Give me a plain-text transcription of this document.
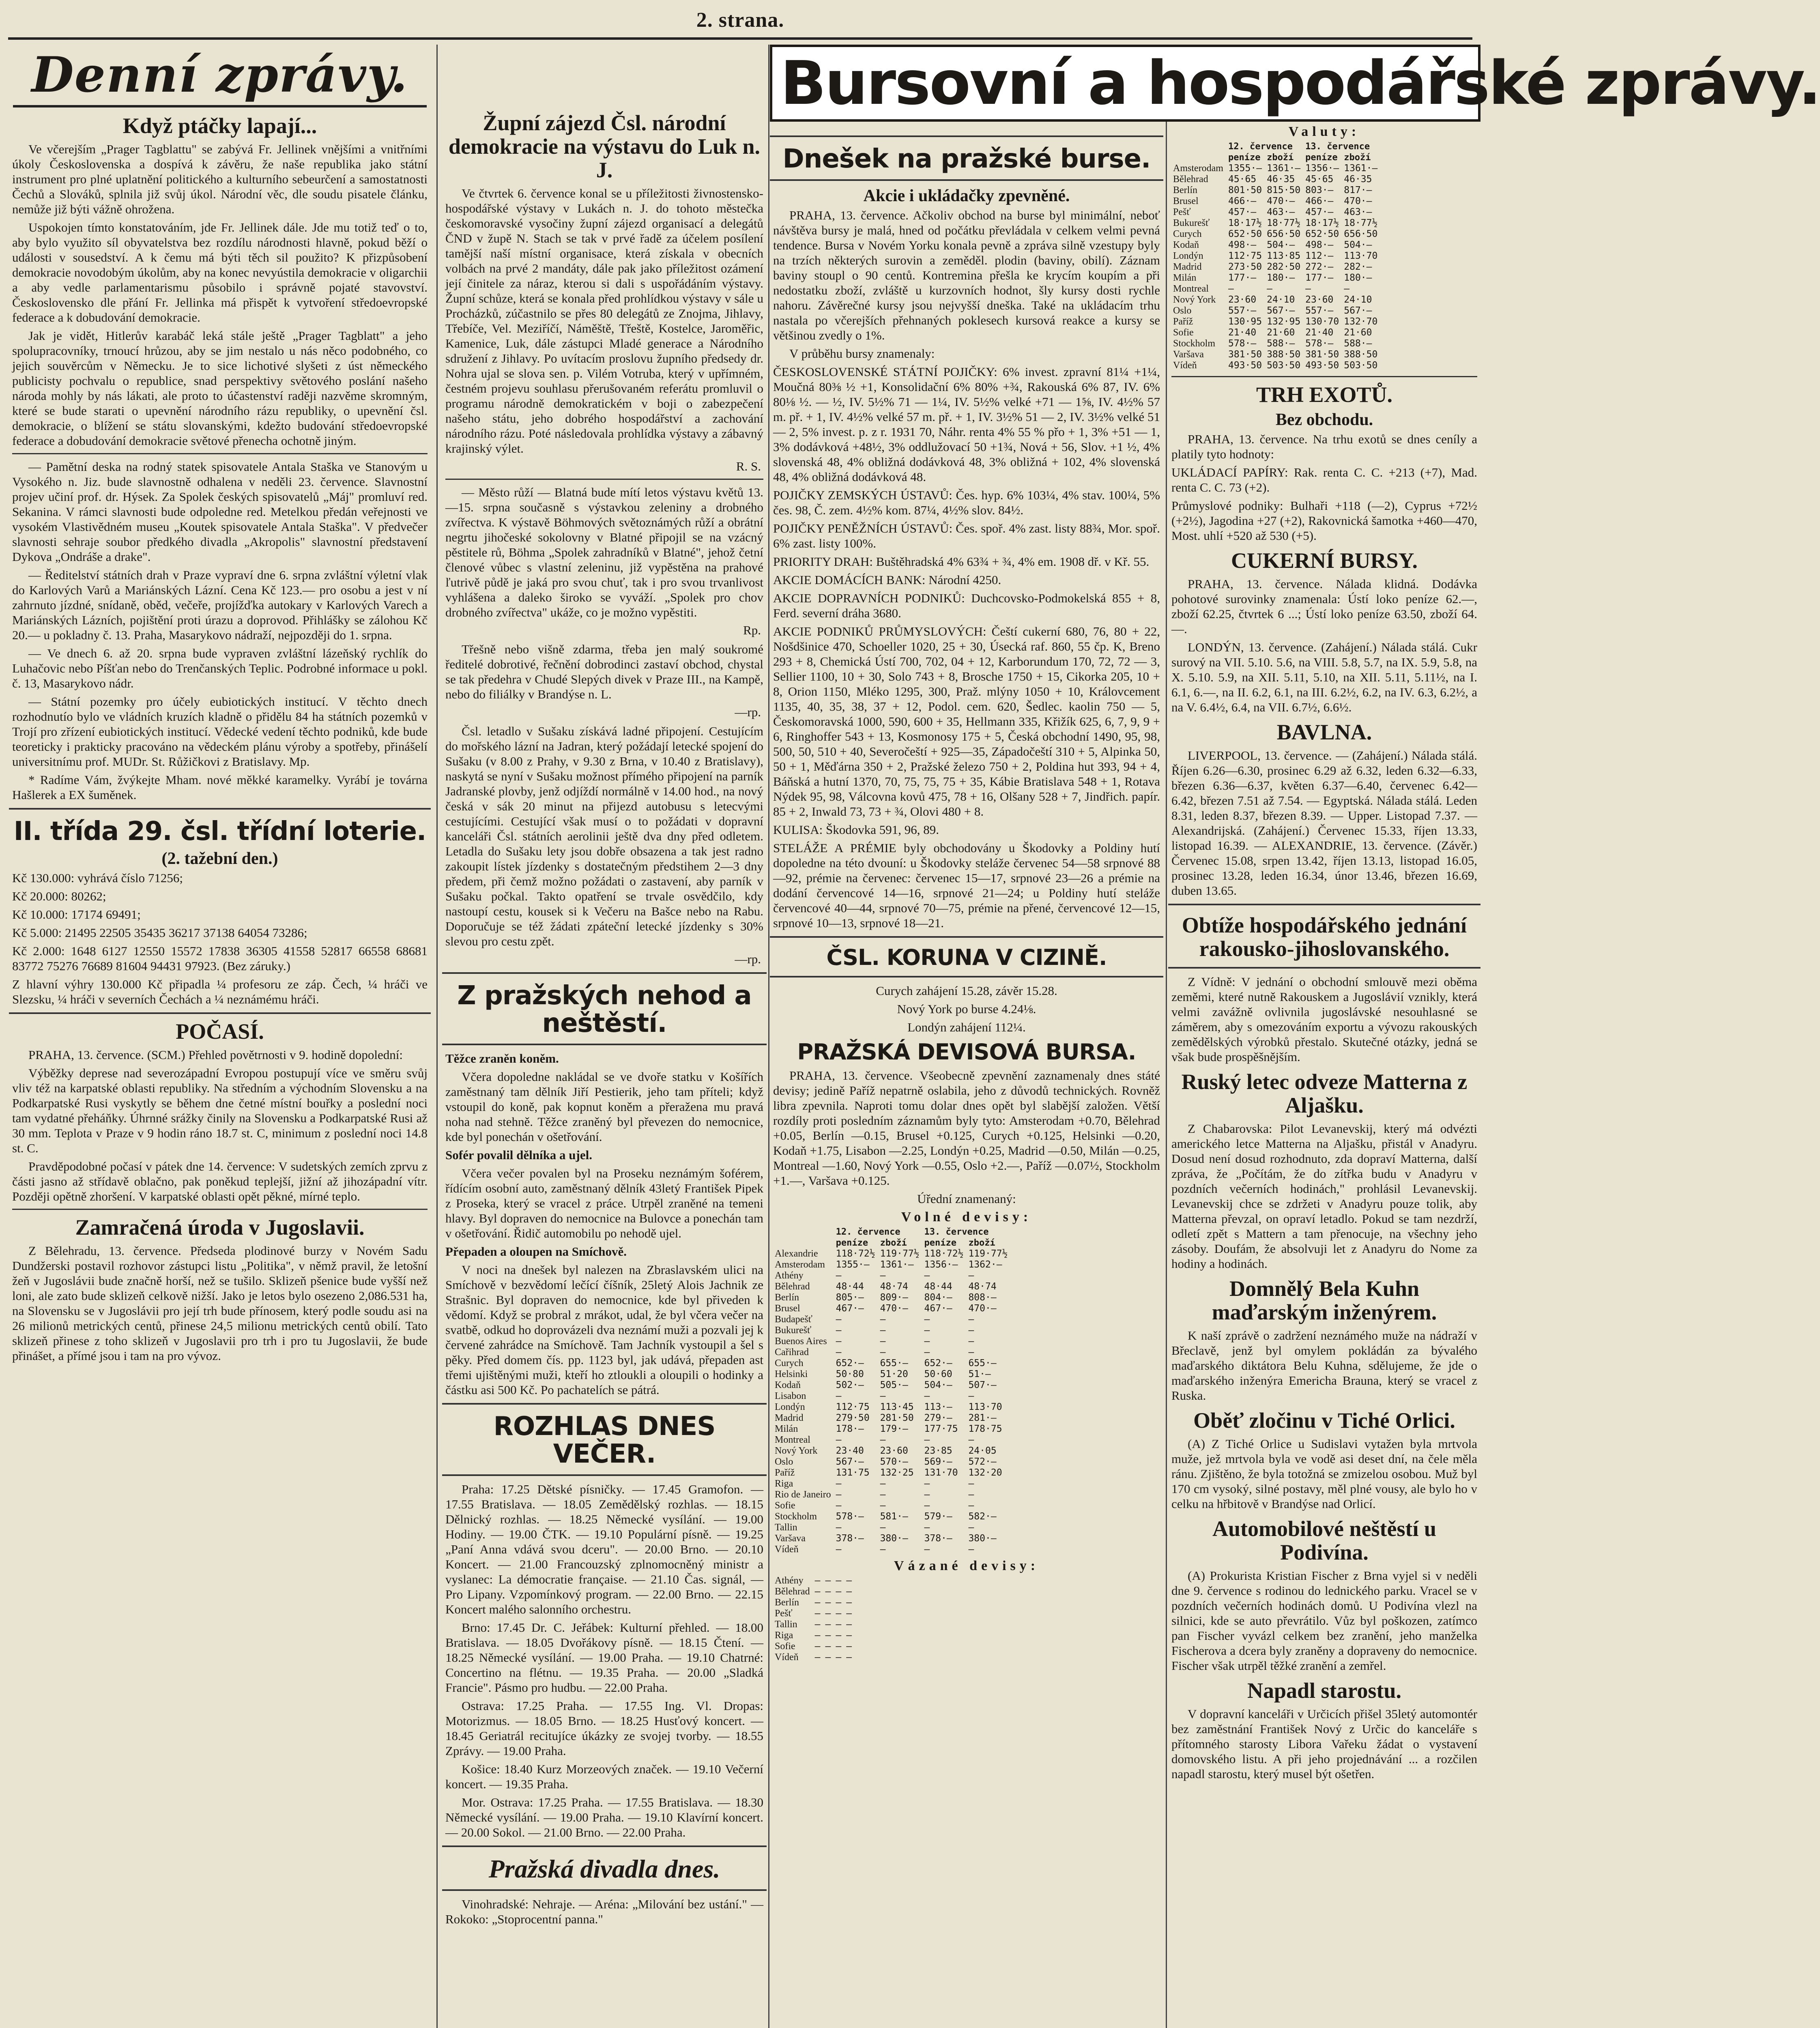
2. strana.
Denní zprávy.
Když ptáčky lapají...

Ve včerejším „Prager Tagblattu" se zabývá Fr. Jellinek vnějšími a vnitřními úkoly Československa a dospívá k závěru, že naše republika jako státní instrument pro plné uplatnění politického a kulturního sebeurčení a samostatnosti Čechů a Slováků, splnila již svůj úkol. Národní věc, dle soudu pisatele článku, nemůže již býti vážně ohrožena.

Uspokojen tímto konstatováním, jde Fr. Jellinek dále. Jde mu totiž teď o to, aby bylo využito síl obyvatelstva bez rozdílu národnosti hlavně, pokud běží o události v sousedství. A k čemu má býti těch sil použito? K přizpůsobení demokracie novodobým úkolům, aby na konec nevyústila demokracie v oligarchii a aby vedle parlamentarismu působilo i správně pojaté stavovství. Československo dle přání Fr. Jellinka má přispět k vytvoření středoevropské federace a k dobudování demokracie.

Jak je vidět, Hitlerův karabáč leká stále ještě „Prager Tagblatt" a jeho spolupracovníky, trnoucí hrůzou, aby se jim nestalo u nás něco podobného, co jejich souvěrcům v Německu. Je to sice lichotivé slyšeti z úst německého publicisty pochvalu o republice, snad perspektivy světového poslání našeho národa mohly by nás lákati, ale proto to účastenství raději nazvěme skromným, které se bude starati o upevnění národního rázu republiky, o upevnění čsl. demokracie, o blížení se státu slovanskými, kdežto budování středoevropské federace a dobudování demokracie světové přenecha ochotně jiným.

— Pamětní deska na rodný statek spisovatele Antala Staška ve Stanovým u Vysokého n. Jiz. bude slavnostně odhalena v neděli 23. července. Slavnostní projev učiní prof. dr. Hýsek. Za Spolek českých spisovatelů „Máj" promluví red. Sekanina. V rámci slavnosti bude odpoledne red. Metelkou předán veřejnosti ve vysokém Vlastivědném museu „Koutek spisovatele Antala Staška". V předvečer slavnosti sehraje soubor předkého divadla „Akropolis" slavnostní představení Dykova „Ondráše a drake".

— Ředitelství státních drah v Praze vypraví dne 6. srpna zvláštní výletní vlak do Karlových Varů a Mariánských Lázní. Cena Kč 123.— pro osobu a jest v ní zahrnuto jízdné, snídaně, oběd, večeře, projížďka autokary v Karlových Varech a Mariánských Lázních, pojištění proti úrazu a doprovod. Přihlášky se zálohou Kč 20.— u pokladny č. 13. Praha, Masarykovo nádraží, nejpozději do 1. srpna.

— Ve dnech 6. až 20. srpna bude vypraven zvláštní lázeňský rychlík do Luhačovic nebo Píšťan nebo do Trenčanských Teplic. Podrobné informace u pokl. č. 13, Masarykovo nádr.

— Státní pozemky pro účely eubiotických institucí. V těchto dnech rozhodnutío bylo ve vládních kruzích kladně o přidělu 84 ha státních pozemků v Trojí pro zřízení eubiotických institucí. Vědecké vedení těchto podniků, kde bude teoreticky i prakticky pracováno na vědeckém plánu výroby a spotřeby, přinášelí universitnímu prof. MUDr. St. Růžičkovi z Bratislavy. Mp.

* Radíme Vám, žvýkejte Mham. nové měkké karamelky. Vyrábí je továrna Hašlerek a EX šuměnek.

II. třída 29. čsl. třídní loterie.
(2. tažební den.)

Kč 130.000: vyhrává číslo 71256;

Kč 20.000: 80262;

Kč 10.000: 17174 69491;

Kč 5.000: 21495 22505 35435 36217 37138 64054 73286;

Kč 2.000: 1648 6127 12550 15572 17838 36305 41558 52817 66558 68681 83772 75276 76689 81604 94431 97923. (Bez záruky.)

Z hlavní výhry 130.000 Kč připadla ¼ profesoru ze záp. Čech, ¼ hráči ve Slezsku, ¼ hráči v severních Čechách a ¼ neznámému hráči.

POČASÍ.

PRAHA, 13. července. (SCM.) Přehled povětrnosti v 9. hodině dopolední:

Výběžky deprese nad severozápadní Evropou postupují více ve směru svůj vliv též na karpatské oblasti republiky. Na středním a východním Slovensku a na Podkarpatské Rusi vyskytly se během dne četné místní bouřky a poslední noci tam vydatné přeháňky. Úhrnné srážky činily na Slovensku a Podkarpatské Rusi až 30 mm. Teplota v Praze v 9 hodin ráno 18.7 st. C, minimum z poslední noci 14.8 st. C.

Pravděpodobné počasí v pátek dne 14. července: V sudetských zemích zprvu z části jasno až střídavě oblačno, pak poněkud teplejší, jižní až jihozápadní vítr. Později opětně zhoršení. V karpatské oblasti opět pěkné, mírné teplo.

Zamračená úroda v Jugoslavii.

Z Bělehradu, 13. července. Předseda plodinové burzy v Novém Sadu Dundžerski postavil rozhovor zástupci listu „Politika", v němž pravil, že letošní žeň v Jugoslávii bude značně horší, než se tušilo. Sklizeň pšenice bude vyšší než loni, ale zato bude sklizeň celkově nižší. Jako je letos bylo osezeno 2,086.531 ha, na Slovensku se v Jugoslávii pro její trh bude přínosem, který podle soudu asi na 26 milionů metrických centů, přinese 24,5 milionu metrických centů obilí. Tato sklizeň přinese z toho sklizeň v Jugoslavii pro trh i pro tu Jugoslavii, že bude přinášet, a přímé jsou i tam na pro vývoz.

Župní zájezd Čsl. národní demokracie na výstavu do Luk n. J.

Ve čtvrtek 6. července konal se u příležitosti živnostensko-hospodářské výstavy v Lukách n. J. do tohoto městečka českomoravské vysočiny župní zájezd organisací a delegátů ČND v župě N. Stach se tak v prvé řadě za účelem posílení tamější naší místní organisace, která získala v obecních volbách na prvé 2 mandáty, dále pak jako příležitost ozámení její činitele za náraz, kterou si dali s uspořádáním výstavy. Župní schůze, která se konala před prohlídkou výstavy v sále u Procházků, zúčastnilo se přes 80 delegátů ze Znojma, Jihlavy, Třebíče, Vel. Meziříčí, Náměště, Třeště, Kostelce, Jaroměřic, Kamenice, Luk, dále zástupci Mladé generace a Národního sdružení z Jihlavy. Po uvítacím proslovu župního předsedy dr. Nohra ujal se slova sen. p. Vilém Votruba, který v upřímném, čestném projevu souhlasu přerušovaném referátu promluvil o programu národně demokratickém v boji o zabezpečení našeho státu, jeho dobrého hospodářství a zachování národního rázu. Poté následovala prohlídka výstavy a zábavný krajinský výlet.

R. S.

— Město růží — Blatná bude mítí letos výstavu květů 13.—15. srpna současně s výstavkou zeleniny a drobného zvířectva. K výstavě Böhmových světoznámých růží a obrátní negrtu jihočeské sokolovny v Blatné připojil se na vzácný pěstitele rů, Böhma „Spolek zahradníků v Blatné", jehož četní členové vůbec s vlastní zeleninu, již vypěstěna na prahové ľutrivě půdě je jaká pro svou chuť, tak i pro svou trvanlivost vyhlášena a daleko široko se vyváží. „Spolek pro chov drobného zvířectva" ukáže, co je možno vypěstiti.

Rp.

Třešně nebo višně zdarma, třeba jen malý soukromé ředitelé dobrotivé, řečnění dobrodinci zastaví obchod, chystal se tak předehra v Chudé Slepých divek v Praze III., na Kampě, nebo do filiálky v Brandýse n. L.

—rp.

Čsl. letadlo v Sušaku získává ladné připojení. Cestujícím do mořského lázní na Jadran, který požádají letecké spojení do Sušaku (v 8.00 z Prahy, v 9.30 z Brna, v 10.40 z Bratislavy), naskytá se nyní v Sušaku možnost přímého připojení na parník Jadranské plovby, jenž odjíždí normálně v 14.00 hod., na nový česká v sák 20 minut na přijezd autobusu s letecvými cestujícími. Cestující však musí o to požádati v dopravní kanceláři Čsl. státních aerolinii ještě dva dny před odletem. Letadla do Sušaku lety jsou dobře obsazena a tak jest radno zakoupit lístek jízdenky s dostatečným předstihem 2—3 dny předem, při čemž možno požádati o zastavení, aby parník v Sušaku počkal. Takto opatření se trvale osvědčilo, kdy nastoupí cestu, kousek si k Večeru na Bašce nebo na Rabu. Doporučuje se též žádati zpáteční letecké jízdenky s 30% slevou pro cestu zpět.

—rp.

Z pražských nehod a neštěstí.

Těžce zraněn koněm.

Včera dopoledne nakládal se ve dvoře statku v Košířích zaměstnaný tam dělník Jiří Pestierik, jeho tam příteli; když vstoupil do koně, pak kopnut koněm a přeražena mu pravá noha nad stehně. Těžce zraněný byl převezen do nemocnice, kde byl ponechán v ošetřování.

Sofér povalil dělníka a ujel.

Včera večer povalen byl na Proseku neznámým šoférem, řídícím osobní auto, zaměstnaný dělník 43letý František Pipek z Proseka, který se vracel z práce. Utrpěl zraněné na temeni hlavy. Byl dopraven do nemocnice na Bulovce a ponechán tam v ošetřování. Řidič automobilu po nehodě ujel.

Přepaden a oloupen na Smíchově.

V noci na dnešek byl nalezen na Zbraslavském ulici na Smíchově v bezvědomí lečící číšník, 25letý Alois Jachnik ze Strašnic. Byl dopraven do nemocnice, kde byl přiveden k vědomí. Když se probral z mrákot, udal, že byl včera večer na svatbě, odkud ho doprovázeli dva neznámí muži a pozvali jej k červené zahrádce na Smíchově. Tam Jachník vystoupil a šel s pěky. Před domem čís. pp. 1123 byl, jak udává, přepaden ast třemi ujištěnými muži, kteří ho ztloukli a oloupili o hodinky a částku asi 500 Kč. Po pachatelích se pátrá.

ROZHLAS DNES VEČER.

Praha: 17.25 Dětské písničky. — 17.45 Gramofon. — 17.55 Bratislava. — 18.05 Zemědělský rozhlas. — 18.15 Dělnický rozhlas. — 18.25 Německé vysílání. — 19.00 Hodiny. — 19.00 ČTK. — 19.10 Populární písně. — 19.25 „Paní Anna vdává svou dceru". — 20.00 Brno. — 20.10 Koncert. — 21.00 Francouzský zplnomocněný ministr a vyslanec: La démocratie française. — 21.10 Čas. signál, — Pro Lipany. Vzpomínkový program. — 22.00 Brno. — 22.15 Koncert malého salonního orchestru.

Brno: 17.45 Dr. C. Jeřábek: Kulturní přehled. — 18.00 Bratislava. — 18.05 Dvořákovy písně. — 18.15 Čtení. — 18.25 Německé vysílání. — 19.00 Praha. — 19.10 Chatrné: Concertino na flétnu. — 19.35 Praha. — 20.00 „Sladká Francie". Pásmo pro hudbu. — 22.00 Praha.

Ostrava: 17.25 Praha. — 17.55 Ing. Vl. Dropas: Motorizmus. — 18.05 Brno. — 18.25 Husťový koncert. — 18.45 Geriatrál recitujíce úkázky ze svojej tvorby. — 18.55 Zprávy. — 19.00 Praha.

Košice: 18.40 Kurz Morzeových značek. — 19.10 Večerní koncert. — 19.35 Praha.

Mor. Ostrava: 17.25 Praha. — 17.55 Bratislava. — 18.30 Německé vysílání. — 19.00 Praha. — 19.10 Klavírní koncert. — 20.00 Sokol. — 21.00 Brno. — 22.00 Praha.

Pražská divadla dnes.

Vinohradské: Nehraje. — Aréna: „Milování bez ustání." — Rokoko: „Stoprocentní panna."

Bursovní a hospodářské zprávy.
Dnešek na pražské burse.
Akcie i ukládačky zpevněné.

PRAHA, 13. července. Ačkoliv obchod na burse byl minimální, neboť návštěva bursy je malá, hned od počátku převládala v celkem velmi pevná tendence. Bursa v Novém Yorku konala pevně a zpráva silně vzestupy byly na trzích některých surovin a zeměděl. plodin (baviny, obilí). Záznam baviny stoupl o 90 centů. Kontremina přešla ke krycím koupím a při nedostatku zboží, zvláště u kurzovních hodnot, šly kursy dosti rychle nahoru. Závěrečné kursy jsou nejvyšší dneška. Také na ukládacím trhu nastala po včerejších přehnaných poklesech kursová reakce a kursy se většinou zvedly o 1%.

V průběhu bursy znamenaly:

ČESKOSLOVENSKÉ STÁTNÍ POJIČKY: 6% invest. zpravní 81¼ +1¼, Moučná 80⅜ ½ +1, Konsolidační 6% 80% +¾, Rakouská 6% 87, IV. 6% 80⅛ ½. — ½, IV. 5½% 71 — 1¼, IV. 5½% velké +71 — 1⅝, IV. 4½% 57 m. př. + 1, IV. 4½% velké 57 m. př. + 1, IV. 3½% 51 — 2, IV. 3½% velké 51 — 2, 5% invest. p. z r. 1931 70, Náhr. renta 4% 55 % přo + 1, 3% +51 — 1, 3% dodávková +48½, 3% oddlužovací 50 +1¾, Nová + 56, Slov. +1 ½, 4% slovenská 48, 4% obližná dodávková 48, 3% obližná + 102, 4% slovenská 48, 4% obližná dodávková 48.

POJIČKY ZEMSKÝCH ÚSTAVŮ: Čes. hyp. 6% 103¼, 4% stav. 100¼, 5% čes. 98, Č. zem. 4½% kom. 87¼, 4½% slov. 84½.

POJIČKY PENĚŽNÍCH ÚSTAVŮ: Čes. spoř. 4% zast. listy 88¾, Mor. spoř. 6% zast. listy 100%.

PRIORITY DRAH: Buštěhradská 4% 63¾ + ¾, 4% em. 1908 dř. v Kř. 55.

AKCIE DOMÁCÍCH BANK: Národní 4250.

AKCIE DOPRAVNÍCH PODNIKŮ: Duchcovsko-Podmokelská 855 + 8, Ferd. severní dráha 3680.

AKCIE PODNIKŮ PRŮMYSLOVÝCH: Čeští cukerní 680, 76, 80 + 22, Nošdšinice 470, Schoeller 1020, 25 + 30, Úsecká raf. 860, 55 čp. K, Breno 293 + 8, Chemická Ústí 700, 702, 04 + 12, Karborundum 170, 72, 72 — 3, Sellier 1100, 10 + 30, Solo 743 + 8, Brosche 1750 + 15, Cikorka 205, 10 + 8, Orion 1150, Mléko 1295, 300, Praž. mlýny 1050 + 10, Královcement 1135, 40, 35, 38, 37 + 12, Podol. cem. 620, Šedlec. kaolin 750 — 5, Českomoravská 1000, 590, 600 + 35, Hellmann 335, Křižík 625, 6, 7, 9, 9 + 6, Ringhoffer 543 + 13, Kosmonosy 175 + 5, Česká obchodní 1490, 95, 98, 500, 50, 510 + 40, Severočeští + 925—35, Západočeští 310 + 5, Alpinka 50, 50 + 1, Měďárna 350 + 2, Pražské železo 750 + 2, Poldina hut 393, 94 + 4, Báňská a hutní 1370, 70, 75, 75, 75 + 35, Kábie Bratislava 548 + 1, Rotava Nýdek 95, 98, Válcovna kovů 475, 78 + 16, Olšany 528 + 7, Jindřich. papír. 85 + 2, Inwald 73, 73 + ¾, Olovi 480 + 8.

KULISA: Škodovka 591, 96, 89.

STELÁŽE A PRÉMIE byly obchodovány u Škodovky a Poldiny hutí dopoledne na této dvouní: u Škodovky steláže červenec 54—58 srpnové 88—92, prémie na červenec: červenec 15—17, srpnové 23—26 a prémie na dodání červencové 14—16, srpnové 21—24; u Poldiny hutí steláže červencové 40—44, srpnové 70—75, prémie na přené, červencové 12—15, srpnové 10—13, srpnové 18—21.

ČSL. KORUNA V CIZINĚ.

Curych zahájení 15.28, závěr 15.28.

Nový York po burse 4.24⅛.

Londýn zahájení 112¼.

PRAŽSKÁ DEVISOVÁ BURSA.

PRAHA, 13. července. Všeobecně zpevnění zaznamenaly dnes státé devisy; jedině Paříž nepatrně oslabila, jeho z důvodů technických. Rovněž libra zpevnila. Naproti tomu dolar dnes opět byl slabější založen. Větší rozdíly proti posledním záznamům byly tyto: Amsterodam +0.70, Bělehrad +0.05, Berlín —0.15, Brusel +0.125, Curych +0.125, Helsinki —0.20, Kodaň +1.75, Lisabon —2.25, Londýn +0.25, Madrid —0.50, Milán —0.25, Montreal —1.60, Nový York —0.55, Oslo +2.—, Paříž —0.07½, Stockholm +1.—, Varšava +0.125.

Úřední znamenaný:

Volné devisy:
	12. července		13. července	
	peníze	zboží	peníze	zboží
Alexandrie	118·72½	119·77½	118·72½	119·77½
Amsterodam	1355·—	1361·—	1356·—	1362·—
Athény	—	—	—	—
Bělehrad	48·44	48·74	48·44	48·74
Berlín	805·—	809·—	804·—	808·—
Brusel	467·—	470·—	467·—	470·—
Budapešť	—	—	—	—
Bukurešť	—	—	—	—
Buenos Aires	—	—	—	—
Cařihrad	—	—	—	—
Curych	652·—	655·—	652·—	655·—
Helsinki	50·80	51·20	50·60	51·—
Kodaň	502·—	505·—	504·—	507·—
Lisabon	—	—	—	—
Londýn	112·75	113·45	113·—	113·70
Madrid	279·50	281·50	279·—	281·—
Milán	178·—	179·—	177·75	178·75
Montreal	—	—	—	—
Nový York	23·40	23·60	23·85	24·05
Oslo	567·—	570·—	569·—	572·—
Paříž	131·75	132·25	131·70	132·20
Riga	—	—	—	—
Rio de Janeiro	—	—	—	—
Sofie	—	—	—	—
Stockholm	578·—	581·—	579·—	582·—
Tallin	—	—	—	—
Varšava	378·—	380·—	378·—	380·—
Vídeň	—	—	—	—
Vázané devisy:
Athény	—	—	—	—
Bělehrad	—	—	—	—
Berlín	—	—	—	—
Pešť	—	—	—	—
Tallin	—	—	—	—
Riga	—	—	—	—
Sofie	—	—	—	—
Vídeň	—	—	—	—
Valuty:
	12. července		13. července	
	peníze	zboží	peníze	zboží
Amsterodam	1355·—	1361·—	1356·—	1361·—
Bělehrad	45·65	46·35	45·65	46·35
Berlín	801·50	815·50	803·—	817·—
Brusel	466·—	470·—	466·—	470·—
Pešť	457·—	463·—	457·—	463·—
Bukurešť	18·17½	18·77½	18·17½	18·77½
Curych	652·50	656·50	652·50	656·50
Kodaň	498·—	504·—	498·—	504·—
Londýn	112·75	113·85	112·—	113·70
Madrid	273·50	282·50	272·—	282·—
Milán	177·—	180·—	177·—	180·—
Montreal	—	—	—	—
Nový York	23·60	24·10	23·60	24·10
Oslo	557·—	567·—	557·—	567·—
Paříž	130·95	132·95	130·70	132·70
Sofie	21·40	21·60	21·40	21·60
Stockholm	578·—	588·—	578·—	588·—
Varšava	381·50	388·50	381·50	388·50
Vídeň	493·50	503·50	493·50	503·50
TRH EXOTŮ.
Bez obchodu.

PRAHA, 13. července. Na trhu exotů se dnes ceníly a platily tyto hodnoty:

UKLÁDACÍ PAPÍRY: Rak. renta C. C. +213 (+7), Mad. renta C. C. 73 (+2).

Průmyslové podniky: Bulhaři +118 (—2), Cyprus +72½ (+2½), Jagodina +27 (+2), Rakovnická šamotka +460—470, Most. uhlí +520 až 530 (+5).

CUKERNÍ BURSY.

PRAHA, 13. července. Nálada klidná. Dodávka pohotové surovinky znamenala: Ústí loko peníze 62.—, zboží 62.25, čtvrtek 6 ...; Ústí loko peníze 63.50, zboží 64.—.

LONDÝN, 13. července. (Zahájení.) Nálada stálá. Cukr surový na VII. 5.10. 5.6, na VIII. 5.8, 5.7, na IX. 5.9, 5.8, na X. 5.10. 5.9, na XII. 5.11, 5.10, na XII. 5.11, 5.11½, na I. 6.1, 6.—, na II. 6.2, 6.1, na III. 6.2½, 6.2, na IV. 6.3, 6.2½, a na V. 6.4½, 6.4, na VII. 6.7½, 6.6½.

BAVLNA.

LIVERPOOL, 13. července. — (Zahájení.) Nálada stálá. Říjen 6.26—6.30, prosinec 6.29 až 6.32, leden 6.32—6.33, březen 6.36—6.37, květen 6.37—6.40, červenec 6.42—6.42, březen 7.51 až 7.54. — Egyptská. Nálada stálá. Leden 8.31, leden 8.37, březen 8.39. — Upper. Listopad 7.37. — Alexandrijská. (Zahájení.) Červenec 15.33, říjen 13.33, listopad 16.39. — ALEXANDRIE, 13. července. (Závěr.) Červenec 15.08, srpen 13.42, říjen 13.13, listopad 16.05, prosinec 13.28, leden 16.34, únor 13.46, březen 16.69, duben 13.65.

Obtíže hospodářského jednání rakousko-jihoslovanského.

Z Vídně: V jednání o obchodní smlouvě mezi oběma zeměmi, které nutně Rakouskem a Jugoslávií vznikly, která velmi zavážně ovlivnila jugoslávské nesouhlasné se záměrem, aby s omezováním exportu a vývozu rakouských zemědělských výrobků přestalo. Skutečné otázky, jedná se však bude prospěšnějším.

Ruský letec odveze Matterna z Aljašku.

Z Chabarovska: Pilot Levanevskij, který má odvézti amerického letce Matterna na Aljašku, přistál v Anadyru. Dosud není dosud rozhodnuto, zda dopraví Matterna, další zpráva, že „Počítám, že do zítřka budu v Anadyru v pozdních večerních hodinách," prohlásil Levanevskij. Levanevskij chce se zdržeti v Anadyru pouze tolik, aby Matterna převzal, on opraví letadlo. Pokud se tam nezdrží, odletí zpět s Mattern a tam přenocuje, na všechny jeho zásoby. Doufám, že absolvuji let z Anadyru do Nome za hodiny a hodinách.

Domnělý Bela Kuhn maďarským inženýrem.

K naší zprávě o zadržení neznámého muže na nádraží v Břeclavě, jenž byl omylem pokládán za bývalého maďarského diktátora Belu Kuhna, sdělujeme, že jde o maďarského inženýra Emericha Brauna, který se vracel z Ruska.

Oběť zločinu v Tiché Orlici.

(A) Z Tiché Orlice u Sudislavi vytažen byla mrtvola muže, jež mrtvola byla ve vodě asi deset dní, na čele měla ránu. Zjištěno, že byla totožná se zmizelou osobou. Muž byl 170 cm vysoký, silné postavy, měl plné vousy, ale bylo ho v celku na hřbitově v Brandýse nad Orlicí.

Automobilové neštěstí u Podivína.

(A) Prokurista Kristian Fischer z Brna vyjel si v neděli dne 9. července s rodinou do lednického parku. Vracel se v pozdních večerních hodinách domů. U Podivína vlezl na silnici, kde se auto převrátilo. Vůz byl poškozen, zatímco pan Fischer vyvázl celkem bez zranění, jeho manželka Fischerova a dcera byly zraněny a dopraveny do nemocnice. Fischer však utrpěl těžké zranění a zemřel.

Napadl starostu.

V dopravní kanceláři v Určicích přišel 35letý automontér bez zaměstnání František Nový z Určic do kanceláře s přítomného starosty Libora Vařeku žádat o vystavení domovského listu. A při jeho projednávání ... a rozčilen napadl starostu, který musel být ošetřen.
